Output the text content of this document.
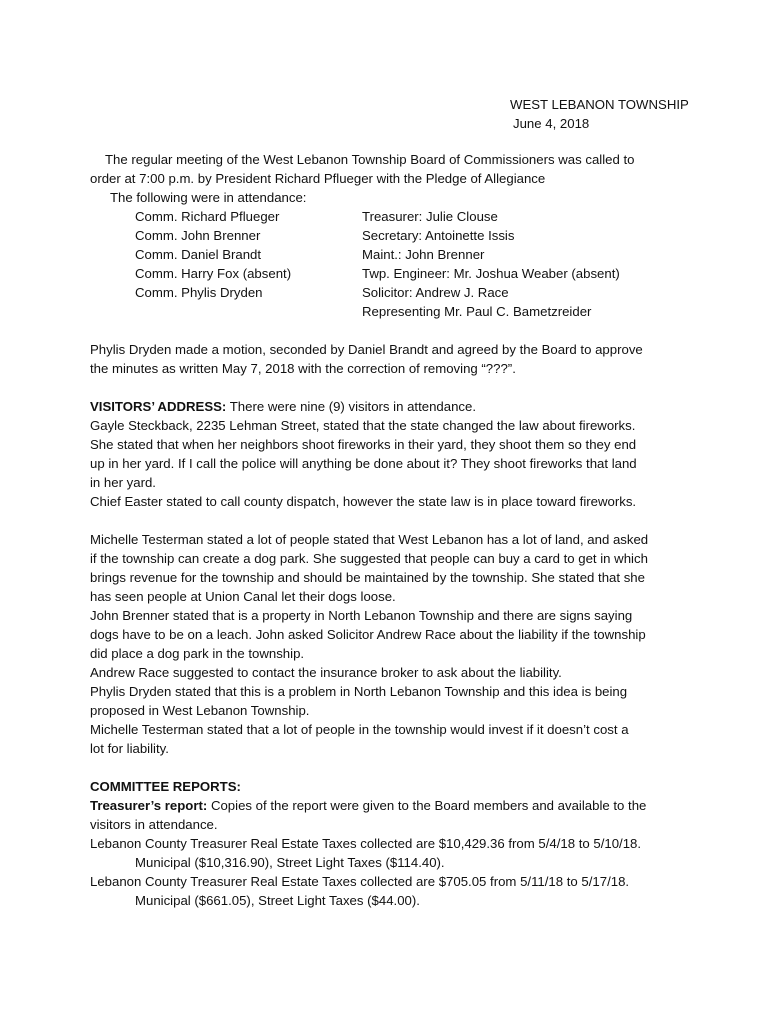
WEST LEBANON TOWNSHIP
June 4, 2018

The regular meeting of the West Lebanon Township Board of Commissioners was called to

order at 7:00 p.m. by President Richard Pflueger with the Pledge of Allegiance

The following were in attendance:

Comm. Richard Pflueger
Comm. John Brenner
Comm. Daniel Brandt
Comm. Harry Fox (absent)
Comm. Phylis Dryden
Treasurer: Julie Clouse
Secretary: Antoinette Issis
Maint.: John Brenner
Twp. Engineer: Mr. Joshua Weaber (absent)
Solicitor: Andrew J. Race
Representing Mr. Paul C. Bametzreider

Phylis Dryden made a motion, seconded by Daniel Brandt and agreed by the Board to approve

the minutes as written May 7, 2018 with the correction of removing “???”.

VISITORS’ ADDRESS: There were nine (9) visitors in attendance.

Gayle Steckback, 2235 Lehman Street, stated that the state changed the law about fireworks.

She stated that when her neighbors shoot fireworks in their yard, they shoot them so they end

up in her yard. If I call the police will anything be done about it? They shoot fireworks that land

in her yard.

Chief Easter stated to call county dispatch, however the state law is in place toward fireworks.

Michelle Testerman stated a lot of people stated that West Lebanon has a lot of land, and asked

if the township can create a dog park. She suggested that people can buy a card to get in which

brings revenue for the township and should be maintained by the township. She stated that she

has seen people at Union Canal let their dogs loose.

John Brenner stated that is a property in North Lebanon Township and there are signs saying

dogs have to be on a leach. John asked Solicitor Andrew Race about the liability if the township

did place a dog park in the township.

Andrew Race suggested to contact the insurance broker to ask about the liability.

Phylis Dryden stated that this is a problem in North Lebanon Township and this idea is being

proposed in West Lebanon Township.

Michelle Testerman stated that a lot of people in the township would invest if it doesn’t cost a

lot for liability.

COMMITTEE REPORTS:

Treasurer’s report: Copies of the report were given to the Board members and available to the

visitors in attendance.

Lebanon County Treasurer Real Estate Taxes collected are $10,429.36 from 5/4/18 to 5/10/18.

Municipal ($10,316.90), Street Light Taxes ($114.40).

Lebanon County Treasurer Real Estate Taxes collected are $705.05 from 5/11/18 to 5/17/18.

Municipal ($661.05), Street Light Taxes ($44.00).
